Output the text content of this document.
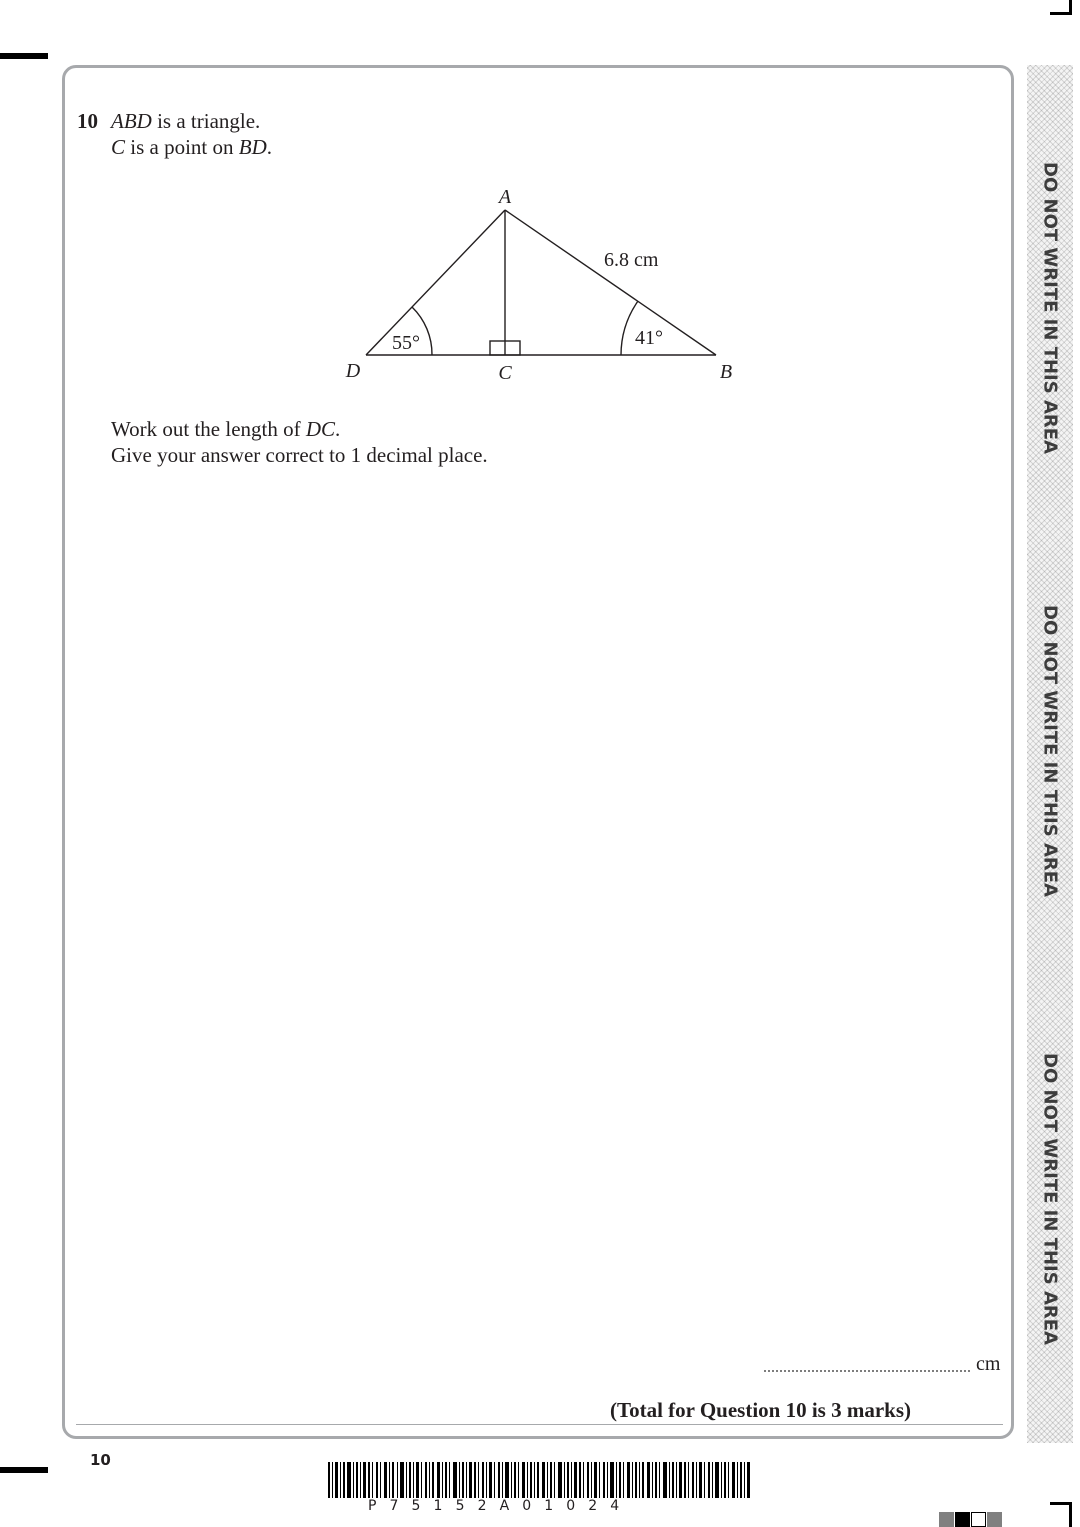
DO NOT WRITE IN THIS AREA
DO NOT WRITE IN THIS AREA
DO NOT WRITE IN THIS AREA
10 ABD is a triangle.
C is a point on BD.
A
D	C	B
55°	41°
6.8 cm
Work out the length of DC.
Give your answer correct to 1 decimal place.
cm
(Total for Question 10 is 3 marks)
10
P75152A01024
